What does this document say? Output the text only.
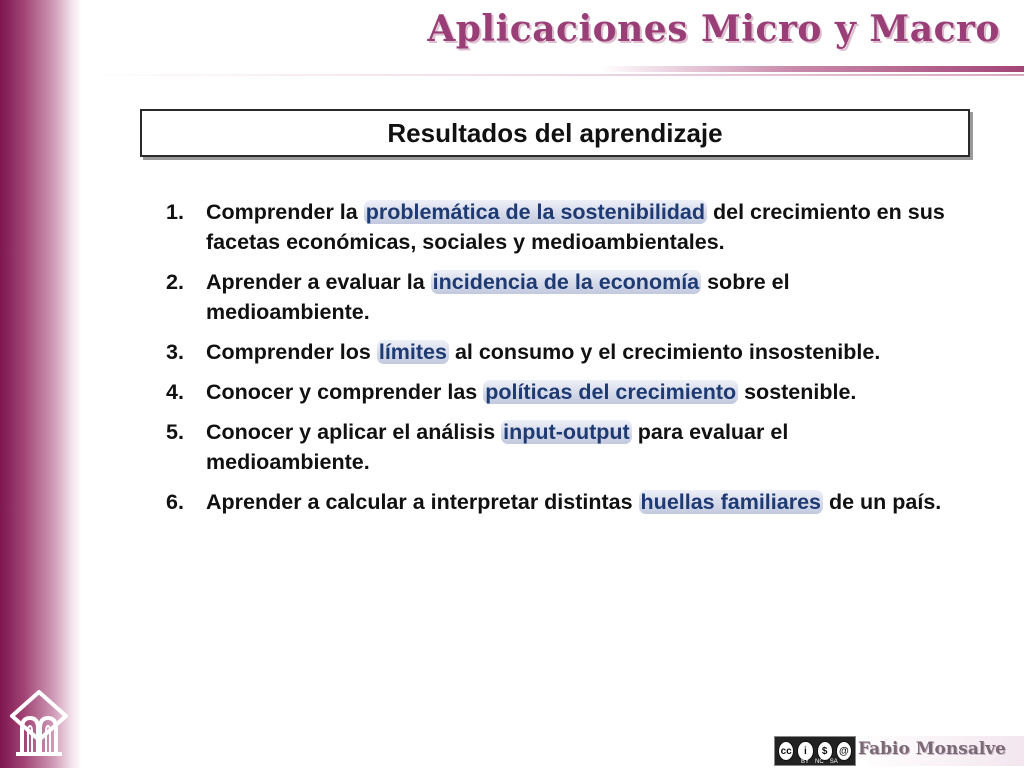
Aplicaciones Micro y Macro
Resultados del aprendizaje
1.	Comprender la problemática de la sostenibilidad del crecimiento en sus facetas económicas, sociales y medioambientales.
2.	Aprender a evaluar la incidencia de la economía sobre el medioambiente.
3.	Comprender los límites al consumo y el crecimiento insostenible.
4.	Conocer y comprender las políticas del crecimiento sostenible.
5.	Conocer y aplicar el análisis input-output para evaluar el medioambiente.
6.	Aprender a calcular a interpretar distintas huellas familiares de un país.
cc	i	$	@
BY NC SA
Fabio Monsalve
